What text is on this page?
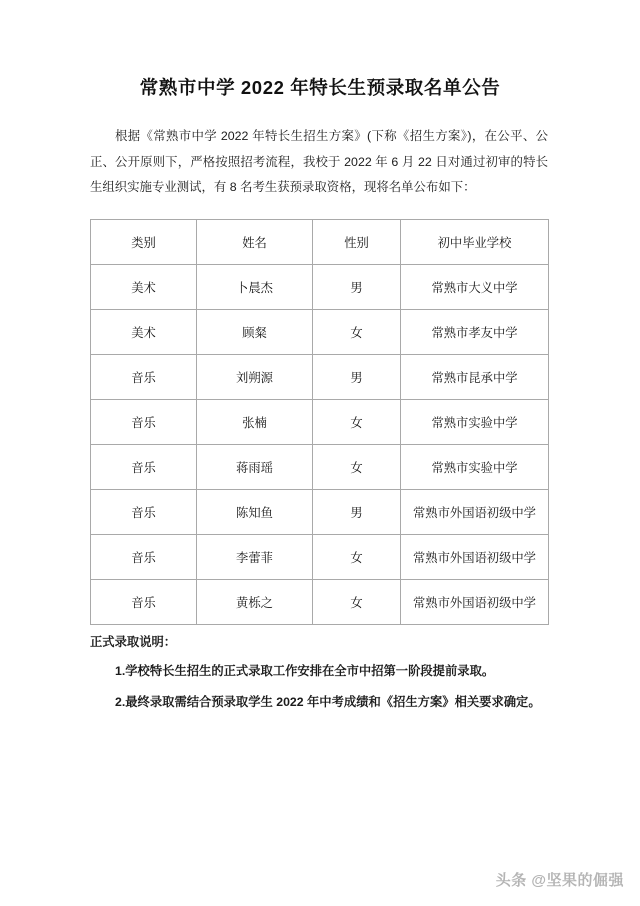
常熟市中学 2022 年特长生预录取名单公告
根据《常熟市中学 2022 年特长生招生方案》(下称《招生方案》)，在公平、公正、公开原则下，严格按照招考流程，我校于 2022 年 6 月 22 日对通过初审的特长生组织实施专业测试，有 8 名考生获预录取资格，现将名单公布如下：
类别	姓名	性别	初中毕业学校
美术	卜晨杰	男	常熟市大义中学
美术	顾粲	女	常熟市孝友中学
音乐	刘朔源	男	常熟市昆承中学
音乐	张楠	女	常熟市实验中学
音乐	蒋雨瑶	女	常熟市实验中学
音乐	陈知鱼	男	常熟市外国语初级中学
音乐	李蕾菲	女	常熟市外国语初级中学
音乐	黄栎之	女	常熟市外国语初级中学
正式录取说明：
1.学校特长生招生的正式录取工作安排在全市中招第一阶段提前录取。
2.最终录取需结合预录取学生 2022 年中考成绩和《招生方案》相关要求确定。
头条 @坚果的倔强
